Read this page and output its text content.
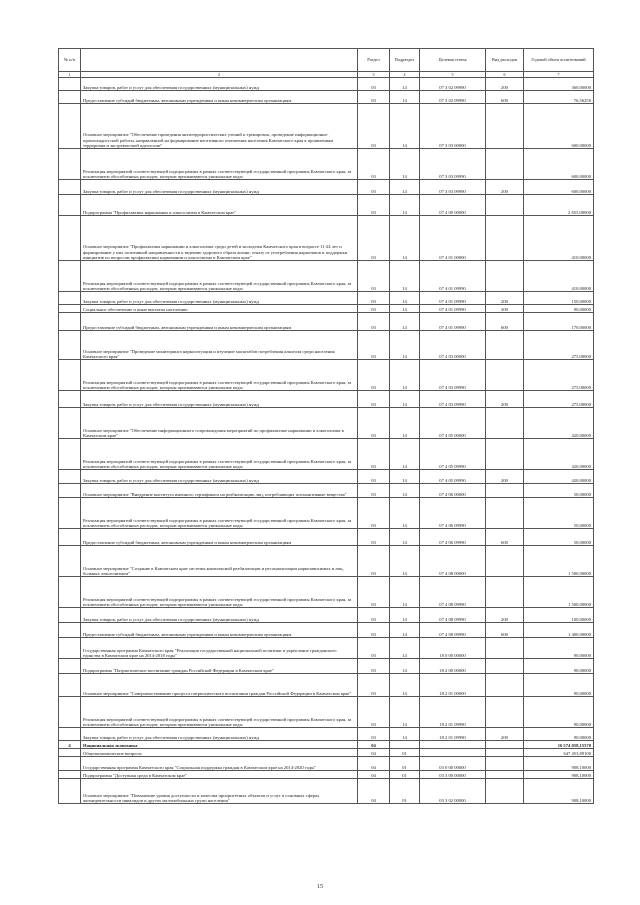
№ п/п		Раздел	Подраздел	Целевая статья	Вид расходов	Годовой объем ассигнований
1	2	3	4	5	6	7
	Закупка товаров, работ и услуг для обеспечения государственных (муниципальных) нужд	03	14	07 3 02 09990	200	360,00000
	Предоставление субсидий бюджетным, автономным учреждениям и иным некоммерческим организациям	03	14	07 3 02 09990	600	76,56250
	Основное мероприятие "Обеспечение проведения антитеррористических учений и тренировок, проведение информационно-пропагандистской работы, направленной на формирование негативного отношения населения Камчатского края к проявлениям терроризма и экстремисткой идеологии"	03	14	07 3 03 00000		600,00000
	Реализация мероприятий соответствующей подпрограммы в рамках соответствующей государственной программы Камчатского края, за исключением обособленных расходов, которым присваиваются уникальные коды	03	14	07 3 03 09990		600,00000
	Закупка товаров, работ и услуг для обеспечения государственных (муниципальных) нужд	03	14	07 3 03 09990	200	600,00000
	Подпрограмма "Профилактика наркомании и алкоголизма в Камчатском крае"	03	14	07 4 00 00000		2 655,00000
	Основное мероприятие "Профилактика наркомании и алкоголизма среди детей и молодежи Камчатского края в возрасте 11-24 лет и формирование у них позитивной направленности к ведению здорового образа жизни, отказу от употребления наркотиков и поддержки инициатив по вопросам профилактики наркомании и алкоголизма в Камчатском крае"	03	14	07 4 01 00000		410,00000
	Реализация мероприятий соответствующей подпрограммы в рамках соответствующей государственной программы Камчатского края, за исключением обособленных расходов, которым присваиваются уникальные коды	03	14	07 4 01 09990		410,00000
	Закупка товаров, работ и услуг для обеспечения государственных (муниципальных) нужд	03	14	07 4 01 09990	200	150,00000
	Социальное обеспечение и иные выплаты населению	03	14	07 4 01 09990	300	90,00000
	Предоставление субсидий бюджетным, автономным учреждениям и иным некоммерческим организациям	03	14	07 4 01 09990	600	170,00000
	Основное мероприятие "Проведение мониторинга наркоситуации и изучение масштабов потребления алкоголя среди населения Камчатского края"	03	14	07 4 03 00000		275,00000
	Реализация мероприятий соответствующей подпрограммы в рамках соответствующей государственной программы Камчатского края, за исключением обособленных расходов, которым присваиваются уникальные коды	03	14	07 4 03 09990		275,00000
	Закупка товаров, работ и услуг для обеспечения государственных (муниципальных) нужд	03	14	07 4 03 09990	200	275,00000
	Основное мероприятие "Обеспечение информационного сопровождения мероприятий по профилактике наркомании и алкоголизма в Камчатском крае"	03	14	07 4 05 00000		420,00000
	Реализация мероприятий соответствующей подпрограммы в рамках соответствующей государственной программы Камчатского края, за исключением обособленных расходов, которым присваиваются уникальные коды	03	14	07 4 05 09990		420,00000
	Закупка товаров, работ и услуг для обеспечения государственных (муниципальных) нужд	03	14	07 4 05 09990	200	420,00000
	Основное мероприятие "Внедрение института именного сертификата на реабилитацию лиц, потребляющих психоактивные вещества"	03	14	07 4 06 00000		50,00000
	Реализация мероприятий соответствующей подпрограммы в рамках соответствующей государственной программы Камчатского края, за исключением обособленных расходов, которым присваиваются уникальные коды	03	14	07 4 06 09990		50,00000
	Предоставление субсидий бюджетным, автономным учреждениям и иным некоммерческим организациям	03	14	07 4 06 09990	600	50,00000
	Основное мероприятие "Создание в Камчатском крае системы комплексной реабилитации и ресоциализации наркозависимых и лиц, больных алкоголизмом"	03	14	07 4 08 00000		1 500,00000
	Реализация мероприятий соответствующей подпрограммы в рамках соответствующей государственной программы Камчатского края, за исключением обособленных расходов, которым присваиваются уникальные коды	03	14	07 4 08 09990		1 500,00000
	Закупка товаров, работ и услуг для обеспечения государственных (муниципальных) нужд	03	14	07 4 08 09990	200	100,00000
	Предоставление субсидий бюджетным, автономным учреждениям и иным некоммерческим организациям	03	14	07 4 08 09990	600	1 400,00000
	Государственная программа Камчатского края "Реализация государственной национальной политики и укрепление гражданского единства в Камчатском крае на 2014-2018 годы"	03	14	18 0 00 00000		90,00000
	Подпрограмма "Патриотическое воспитание граждан Российской Федерации в Камчатском крае"	03	14	18 2 00 00000		90,00000
	Основное мероприятие "Совершенствование процесса патриотического воспитания граждан Российской Федерации в Камчатском крае"	03	14	18 2 01 00000		90,00000
	Реализация мероприятий соответствующей подпрограммы в рамках соответствующей государственной программы Камчатского края, за исключением обособленных расходов, которым присваиваются уникальные коды	03	14	18 2 01 09990		90,00000
	Закупка товаров, работ и услуг для обеспечения государственных (муниципальных) нужд	03	14	18 2 01 09990	200	90,00000
4	Национальная экономика	04				16 574 058,15570
	Общеэкономические вопросы	04	01			647 453,89100
	Государственная программа Камчатского края "Социальная поддержка граждан в Камчатском крае на 2014-2020 годы"	04	01	03 0 00 00000		908,10000
	Подпрограмма "Доступная среда в Камчатском крае"	04	01	03 3 00 00000		908,10000
	Основное мероприятие "Повышение уровня доступности и качества приоритетных объектов и услуг в основных сферах жизнедеятельности инвалидов и других маломобильных групп населения"	04	01	03 3 02 00000		908,10000
15
